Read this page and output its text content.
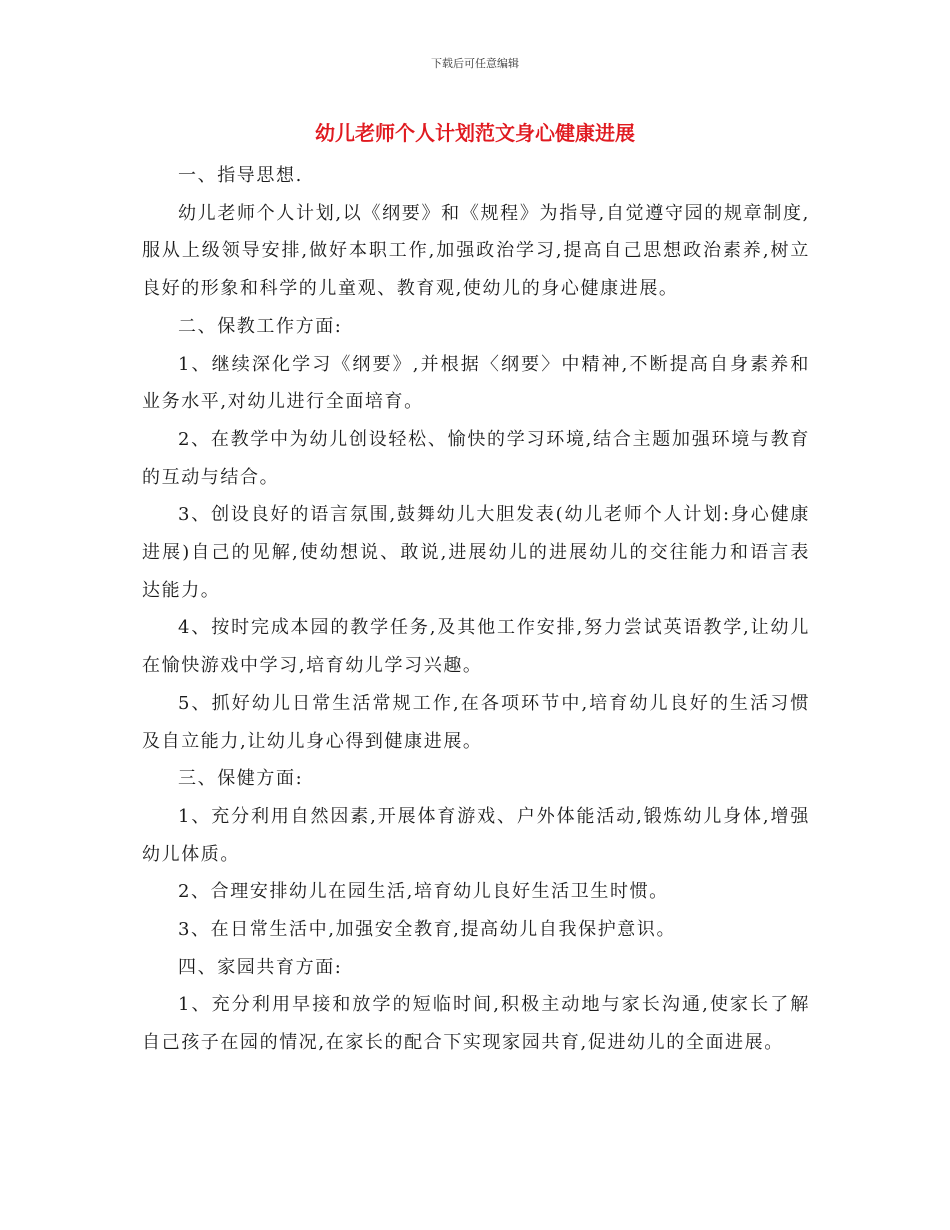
下载后可任意编辑
幼儿老师个人计划范文身心健康进展

一、指导思想.

幼儿老师个人计划,以《纲要》和《规程》为指导,自觉遵守园的规章制度,服从上级领导安排,做好本职工作,加强政治学习,提高自己思想政治素养,树立良好的形象和科学的儿童观、教育观,使幼儿的身心健康进展。

二、保教工作方面:

1、继续深化学习《纲要》,并根据〈纲要〉中精神,不断提高自身素养和业务水平,对幼儿进行全面培育。

2、在教学中为幼儿创设轻松、愉快的学习环境,结合主题加强环境与教育的互动与结合。

3、创设良好的语言氛围,鼓舞幼儿大胆发表(幼儿老师个人计划:身心健康进展)自己的见解,使幼想说、敢说,进展幼儿的进展幼儿的交往能力和语言表达能力。

4、按时完成本园的教学任务,及其他工作安排,努力尝试英语教学,让幼儿在愉快游戏中学习,培育幼儿学习兴趣。

5、抓好幼儿日常生活常规工作,在各项环节中,培育幼儿良好的生活习惯及自立能力,让幼儿身心得到健康进展。

三、保健方面:

1、充分利用自然因素,开展体育游戏、户外体能活动,锻炼幼儿身体,增强幼儿体质。

2、合理安排幼儿在园生活,培育幼儿良好生活卫生时惯。

3、在日常生活中,加强安全教育,提高幼儿自我保护意识。

四、家园共育方面:

1、充分利用早接和放学的短临时间,积极主动地与家长沟通,使家长了解自己孩子在园的情况,在家长的配合下实现家园共育,促进幼儿的全面进展。
